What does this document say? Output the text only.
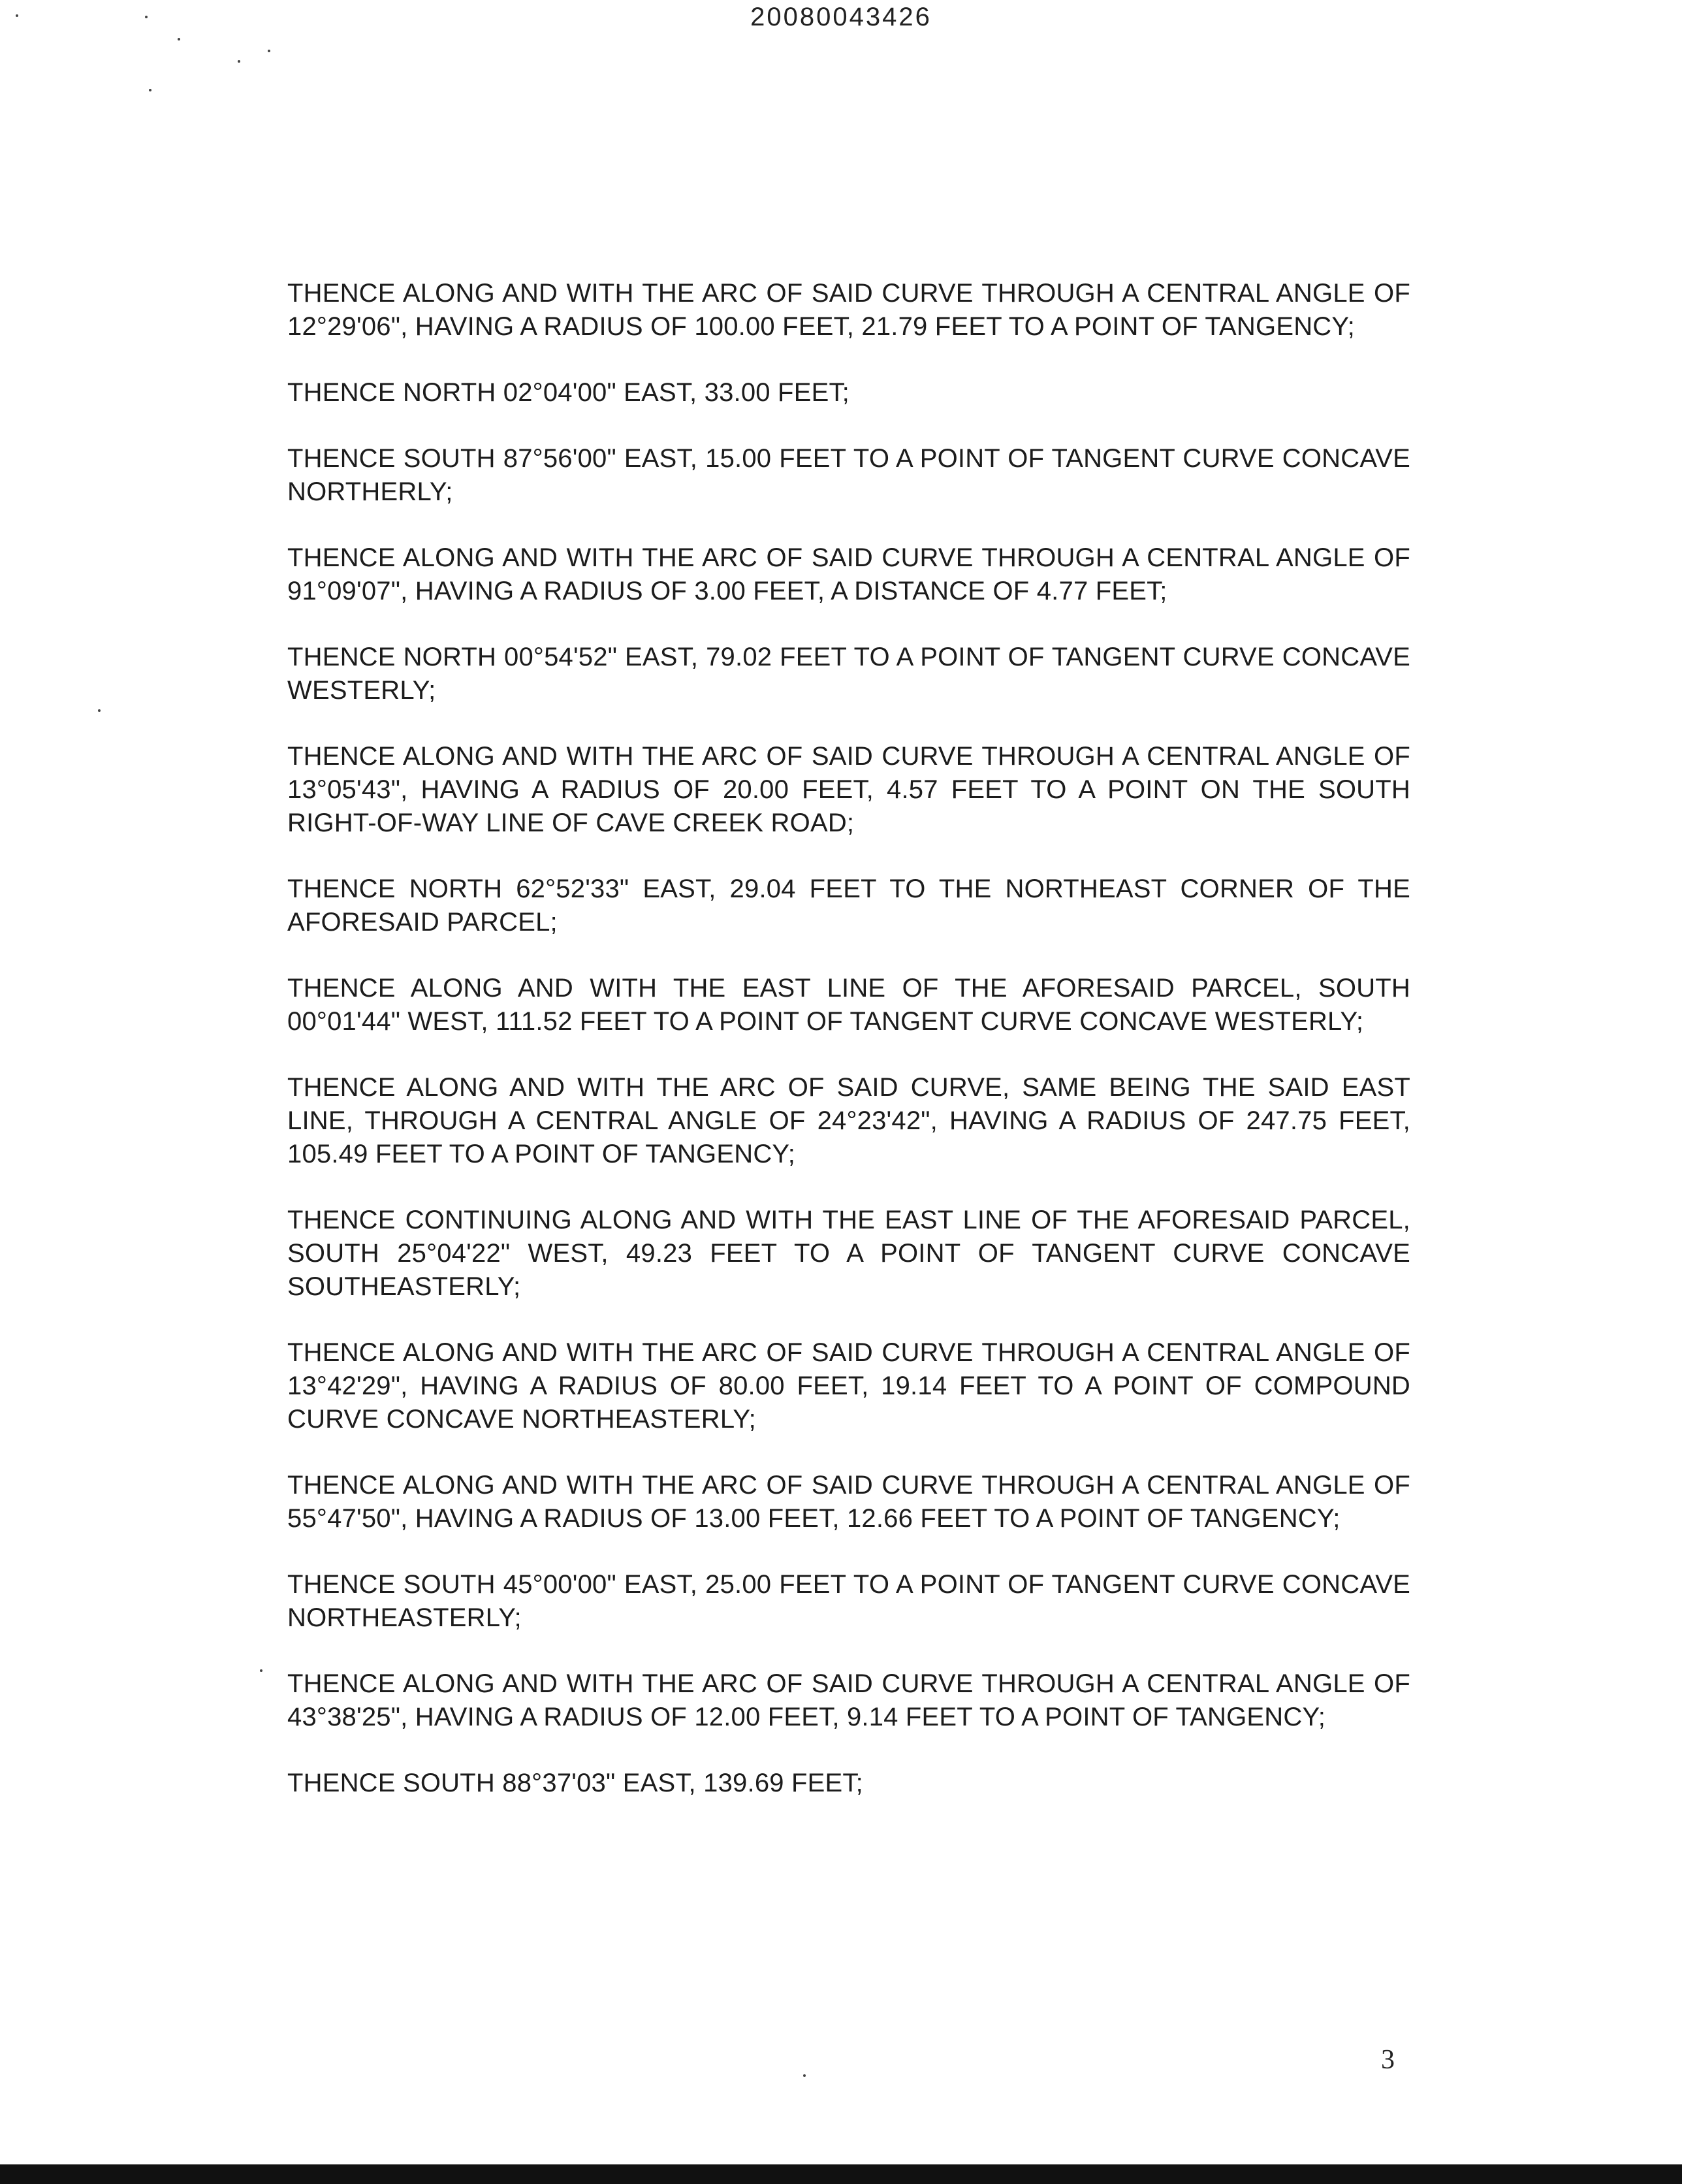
20080043426

THENCE ALONG AND WITH THE ARC OF SAID CURVE THROUGH A CENTRAL ANGLE OF 12°29'06", HAVING A RADIUS OF 100.00 FEET, 21.79 FEET TO A POINT OF TANGENCY;

THENCE NORTH 02°04'00" EAST, 33.00 FEET;

THENCE SOUTH 87°56'00" EAST, 15.00 FEET TO A POINT OF TANGENT CURVE CONCAVE NORTHERLY;

THENCE ALONG AND WITH THE ARC OF SAID CURVE THROUGH A CENTRAL ANGLE OF 91°09'07", HAVING A RADIUS OF 3.00 FEET, A DISTANCE OF 4.77 FEET;

THENCE NORTH 00°54'52" EAST, 79.02 FEET TO A POINT OF TANGENT CURVE CONCAVE WESTERLY;

THENCE ALONG AND WITH THE ARC OF SAID CURVE THROUGH A CENTRAL ANGLE OF 13°05'43", HAVING A RADIUS OF 20.00 FEET, 4.57 FEET TO A POINT ON THE SOUTH RIGHT-OF-WAY LINE OF CAVE CREEK ROAD;

THENCE NORTH 62°52'33" EAST, 29.04 FEET TO THE NORTHEAST CORNER OF THE AFORESAID PARCEL;

THENCE ALONG AND WITH THE EAST LINE OF THE AFORESAID PARCEL, SOUTH 00°01'44" WEST, 111.52 FEET TO A POINT OF TANGENT CURVE CONCAVE WESTERLY;

THENCE ALONG AND WITH THE ARC OF SAID CURVE, SAME BEING THE SAID EAST LINE, THROUGH A CENTRAL ANGLE OF 24°23'42", HAVING A RADIUS OF 247.75 FEET, 105.49 FEET TO A POINT OF TANGENCY;

THENCE CONTINUING ALONG AND WITH THE EAST LINE OF THE AFORESAID PARCEL, SOUTH 25°04'22" WEST, 49.23 FEET TO A POINT OF TANGENT CURVE CONCAVE SOUTHEASTERLY;

THENCE ALONG AND WITH THE ARC OF SAID CURVE THROUGH A CENTRAL ANGLE OF 13°42'29", HAVING A RADIUS OF 80.00 FEET, 19.14 FEET TO A POINT OF COMPOUND CURVE CONCAVE NORTHEASTERLY;

THENCE ALONG AND WITH THE ARC OF SAID CURVE THROUGH A CENTRAL ANGLE OF 55°47'50", HAVING A RADIUS OF 13.00 FEET, 12.66 FEET TO A POINT OF TANGENCY;

THENCE SOUTH 45°00'00" EAST, 25.00 FEET TO A POINT OF TANGENT CURVE CONCAVE NORTHEASTERLY;

THENCE ALONG AND WITH THE ARC OF SAID CURVE THROUGH A CENTRAL ANGLE OF 43°38'25", HAVING A RADIUS OF 12.00 FEET, 9.14 FEET TO A POINT OF TANGENCY;

THENCE SOUTH 88°37'03" EAST, 139.69 FEET;

3
